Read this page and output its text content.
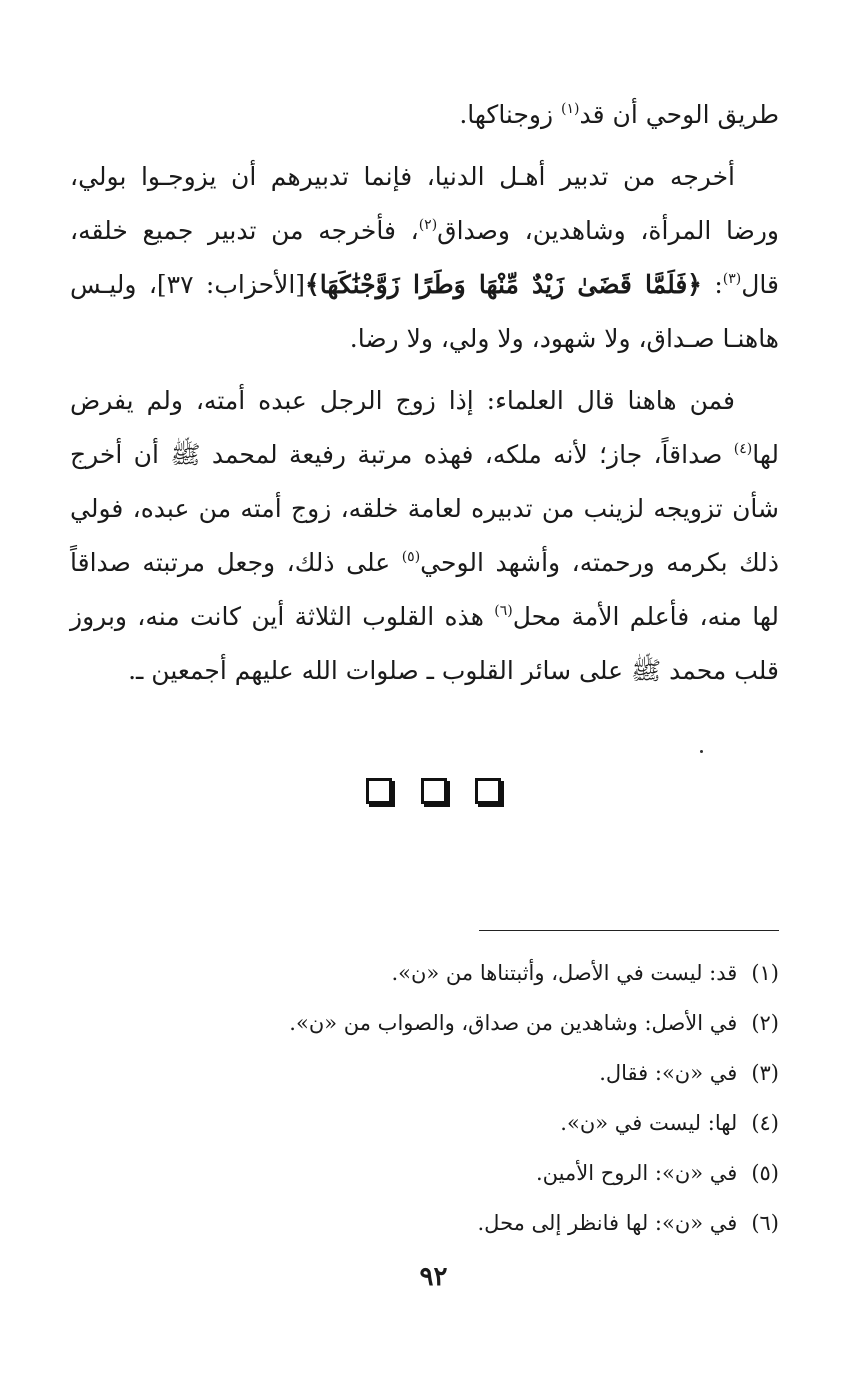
طريق الوحي أن قد$^{(١)}$ زوجناكها.

أخرجه من تدبير أهـل الدنيا، فإنما تدبيرهم أن يزوجـوا بولي، ورضا المرأة، وشاهدين، وصداق$^{(٢)}$، فأخرجه من تدبير جميع خلقه، قال$^{(٣)}$: ﴿فَلَمَّا قَضَىٰ زَيْدٌ مِّنْهَا وَطَرًا زَوَّجْنَٰكَهَا﴾[الأحزاب: ٣٧]، وليـس هاهنـا صـداق، ولا شهود، ولا ولي، ولا رضا.

فمن هاهنا قال العلماء: إذا زوج الرجل عبده أمته، ولم يفرض لها$^{(٤)}$ صداقاً، جاز؛ لأنه ملكه، فهذه مرتبة رفيعة لمحمد ﷺ أن أخرج شأن تزويجه لزينب من تدبيره لعامة خلقه، زوج أمته من عبده، فولي ذلك بكرمه ورحمته، وأشهد الوحي$^{(٥)}$ على ذلك، وجعل مرتبته صداقاً لها منه، فأعلم الأمة محل$^{(٦)}$ هذه القلوب الثلاثة أين كانت منه، وبروز قلب محمد ﷺ على سائر القلوب ـ صلوات الله عليهم أجمعين ـ.

(١)
قد: ليست في الأصل، وأثبتناها من «ن».
(٢)
في الأصل: وشاهدين من صداق، والصواب من «ن».
(٣)
في «ن»: فقال.
(٤)
لها: ليست في «ن».
(٥)
في «ن»: الروح الأمين.
(٦)
في «ن»: لها فانظر إلى محل.
٩٢
